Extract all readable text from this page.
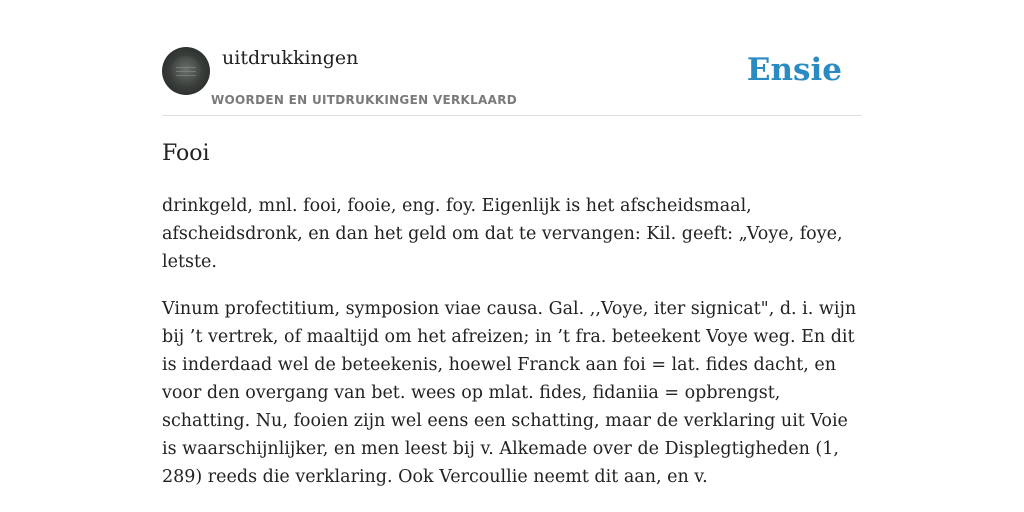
uitdrukkingen
WOORDEN EN UITDRUKKINGEN VERKLAARD
Ensie
Fooi

drinkgeld, mnl. fooi, fooie, eng. foy. Eigenlijk is het afscheidsmaal, afscheidsdronk, en dan het geld om dat te vervangen: Kil. geeft: „Voye, foye, letste.

Vinum profectitium, symposion viae causa. Gal. ,,Voye, iter signicat", d. i. wijn bij ’t vertrek, of maaltijd om het afreizen; in ’t fra. beteekent Voye weg. En dit is inderdaad wel de beteekenis, hoewel Franck aan foi = lat. fides dacht, en voor den overgang van bet. wees op mlat. fides, fidaniia = opbrengst, schatting. Nu, fooien zijn wel eens een schatting, maar de verklaring uit Voie is waarschijnlijker, en men leest bij v. Alkemade over de Displegtigheden (1, 289) reeds die verklaring. Ook Vercoullie neemt dit aan, en v.
